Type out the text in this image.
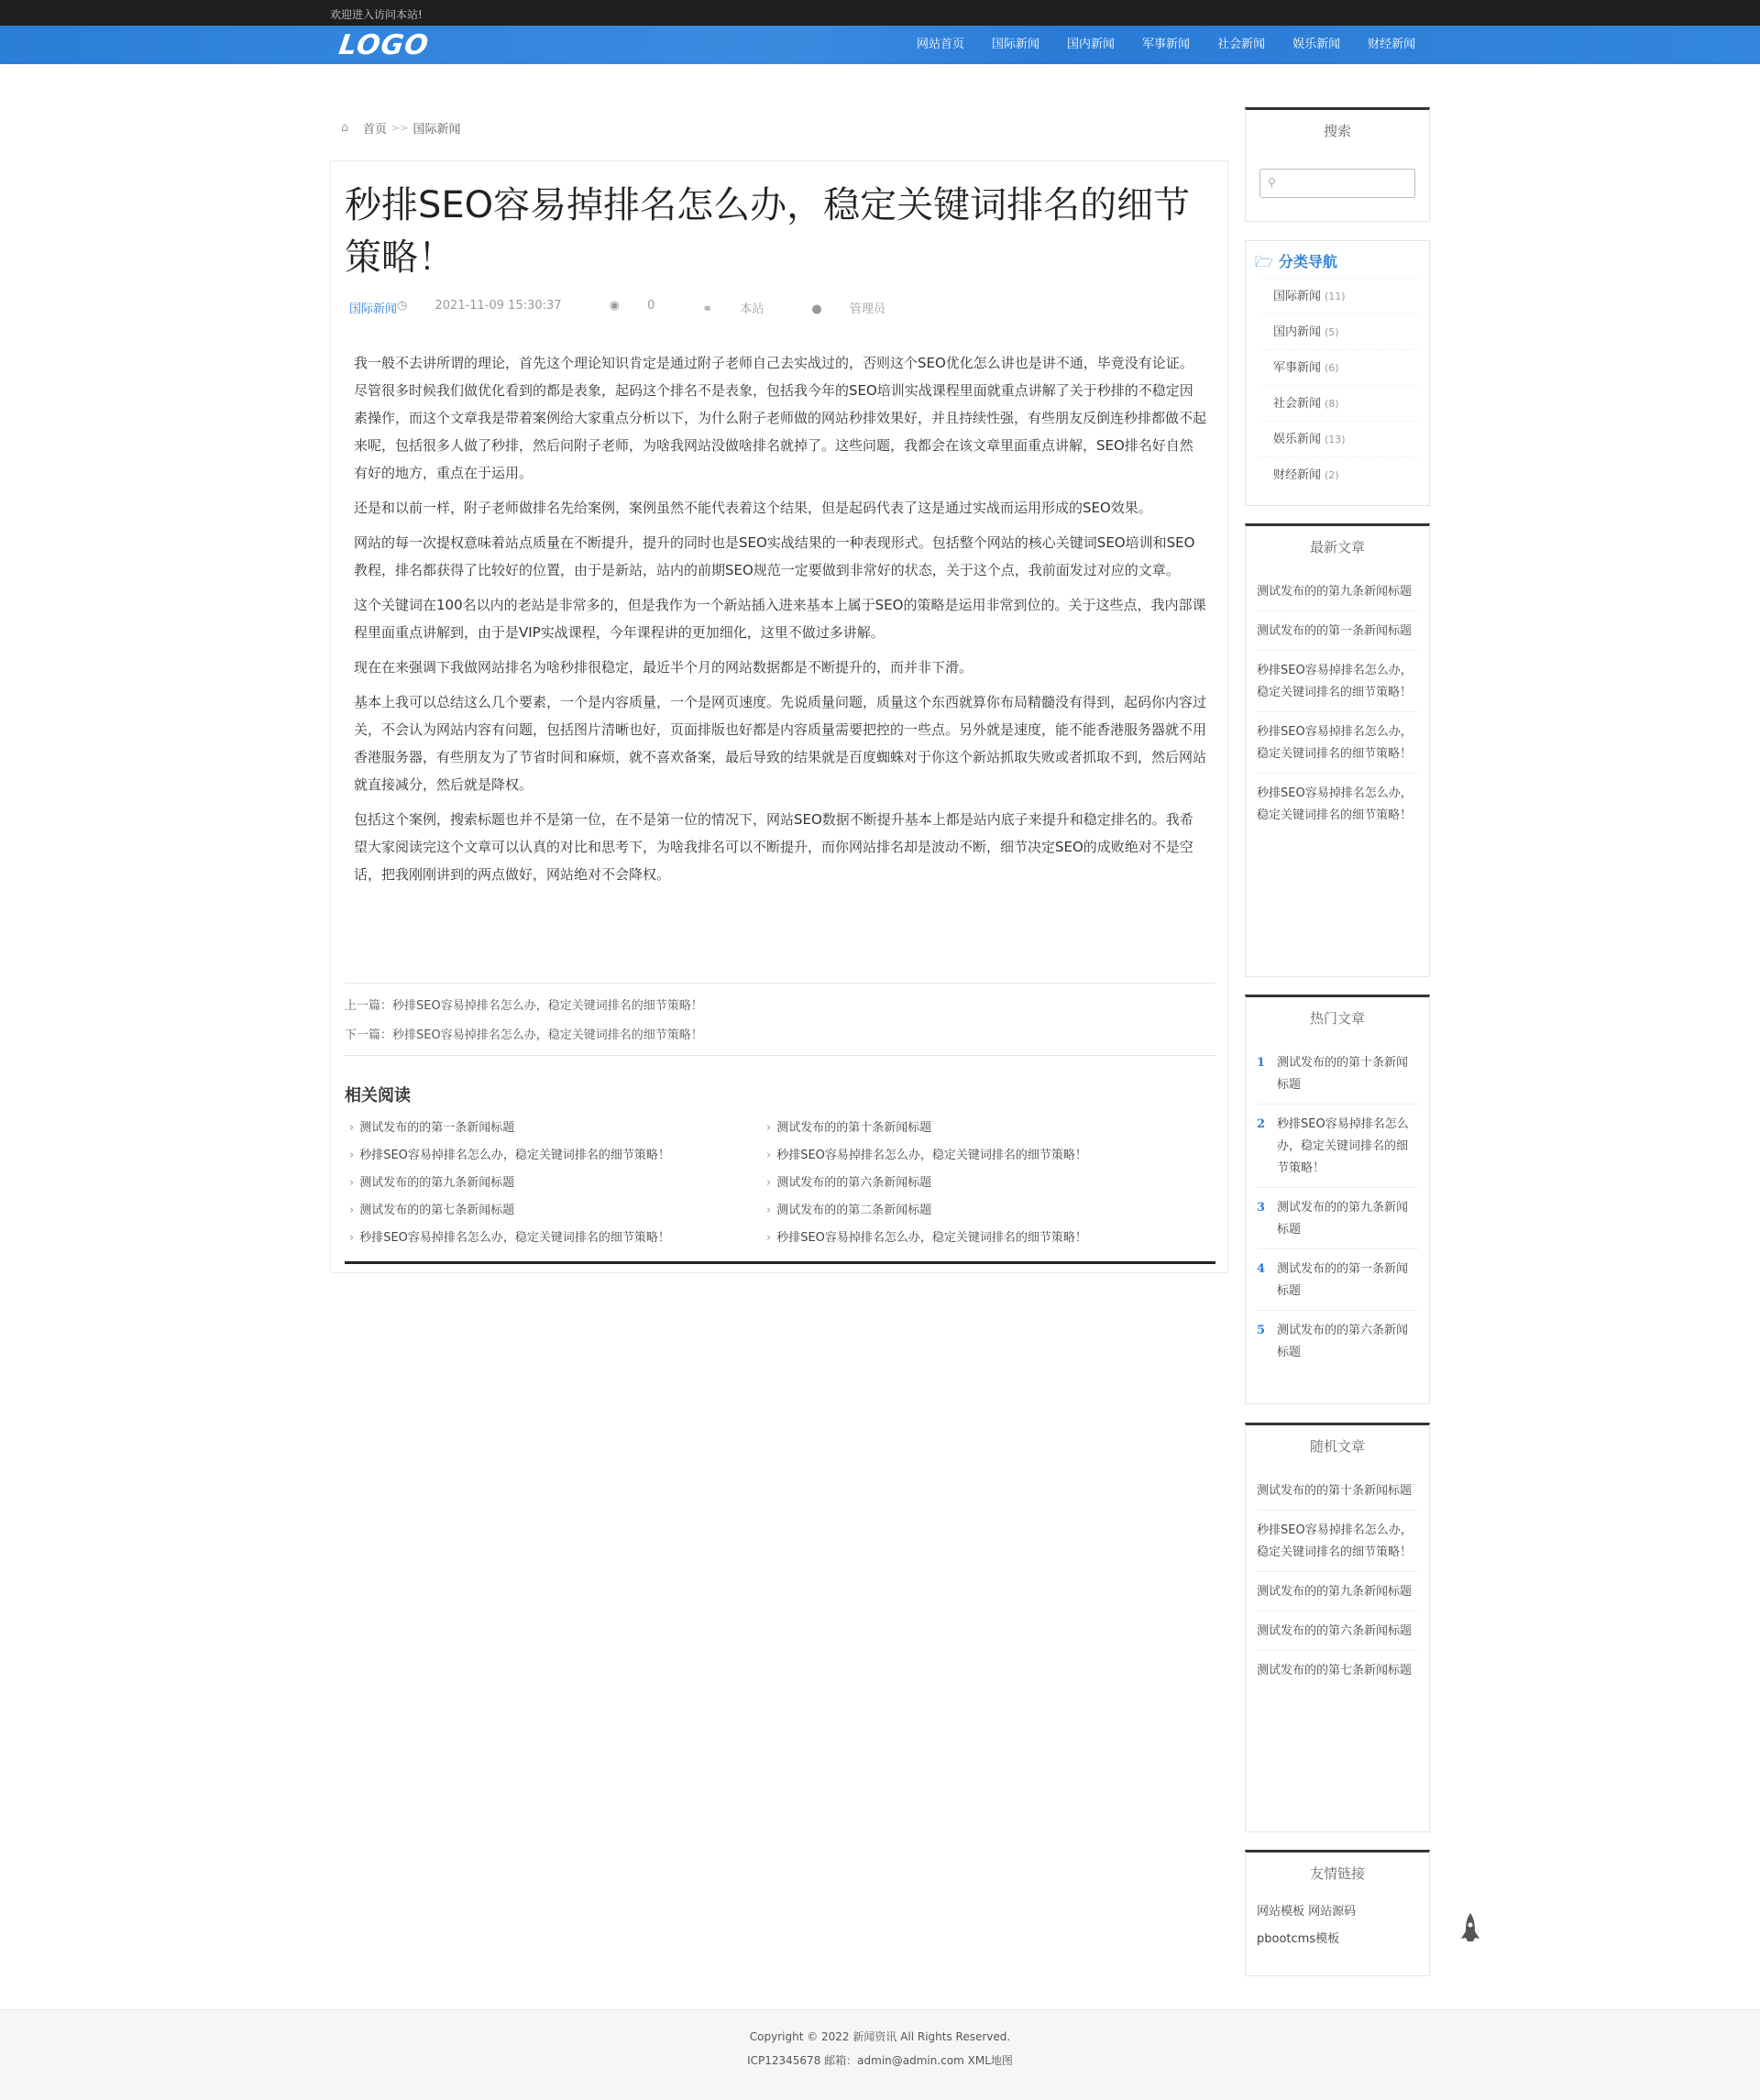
欢迎进入访问本站!
LOGO	网站首页	国际新闻	国内新闻	军事新闻	社会新闻	娱乐新闻	财经新闻
⌂	首页 >> 国际新闻
秒排SEO容易掉排名怎么办，稳定关键词排名的细节策略！
国际新闻 ◷ 2021-11-09 15:30:37	◉ 0	⚭ 本站	● 管理员

我一般不去讲所谓的理论，首先这个理论知识肯定是通过附子老师自己去实战过的，否则这个SEO优化怎么讲也是讲不通，毕竟没有论证。尽管很多时候我们做优化看到的都是表象，起码这个排名不是表象，包括我今年的SEO培训实战课程里面就重点讲解了关于秒排的不稳定因素操作，而这个文章我是带着案例给大家重点分析以下，为什么附子老师做的网站秒排效果好，并且持续性强，有些朋友反倒连秒排都做不起来呢，包括很多人做了秒排，然后问附子老师，为啥我网站没做啥排名就掉了。这些问题，我都会在该文章里面重点讲解，SEO排名好自然有好的地方，重点在于运用。

还是和以前一样，附子老师做排名先给案例，案例虽然不能代表着这个结果，但是起码代表了这是通过实战而运用形成的SEO效果。

网站的每一次提权意味着站点质量在不断提升，提升的同时也是SEO实战结果的一种表现形式。包括整个网站的核心关键词SEO培训和SEO教程，排名都获得了比较好的位置，由于是新站，站内的前期SEO规范一定要做到非常好的状态，关于这个点，我前面发过对应的文章。

这个关键词在100名以内的老站是非常多的，但是我作为一个新站插入进来基本上属于SEO的策略是运用非常到位的。关于这些点，我内部课程里面重点讲解到，由于是VIP实战课程，今年课程讲的更加细化，这里不做过多讲解。

现在在来强调下我做网站排名为啥秒排很稳定，最近半个月的网站数据都是不断提升的，而并非下滑。

基本上我可以总结这么几个要素，一个是内容质量，一个是网页速度。先说质量问题，质量这个东西就算你布局精髓没有得到，起码你内容过关，不会认为网站内容有问题，包括图片清晰也好，页面排版也好都是内容质量需要把控的一些点。另外就是速度，能不能香港服务器就不用香港服务器，有些朋友为了节省时间和麻烦，就不喜欢备案，最后导致的结果就是百度蜘蛛对于你这个新站抓取失败或者抓取不到，然后网站就直接减分，然后就是降权。

包括这个案例，搜索标题也并不是第一位，在不是第一位的情况下，网站SEO数据不断提升基本上都是站内底子来提升和稳定排名的。我希望大家阅读完这个文章可以认真的对比和思考下，为啥我排名可以不断提升，而你网站排名却是波动不断，细节决定SEO的成败绝对不是空话，把我刚刚讲到的两点做好，网站绝对不会降权。

上一篇：秒排SEO容易掉排名怎么办，稳定关键词排名的细节策略！
下一篇：秒排SEO容易掉排名怎么办，稳定关键词排名的细节策略！
相关阅读
› 测试发布的的第一条新闻标题	› 测试发布的的第十条新闻标题
› 秒排SEO容易掉排名怎么办，稳定关键词排名的细节策略！	› 秒排SEO容易掉排名怎么办，稳定关键词排名的细节策略！
› 测试发布的的第九条新闻标题	› 测试发布的的第六条新闻标题
› 测试发布的的第七条新闻标题	› 测试发布的的第二条新闻标题
› 秒排SEO容易掉排名怎么办，稳定关键词排名的细节策略！	› 秒排SEO容易掉排名怎么办，稳定关键词排名的细节策略！
搜索
⚲
🗁 分类导航
国际新闻 (11)
国内新闻 (5)
军事新闻 (6)
社会新闻 (8)
娱乐新闻 (13)
财经新闻 (2)
最新文章
测试发布的的第九条新闻标题
测试发布的的第一条新闻标题
秒排SEO容易掉排名怎么办，稳定关键词排名的细节策略！
秒排SEO容易掉排名怎么办，稳定关键词排名的细节策略！
秒排SEO容易掉排名怎么办，稳定关键词排名的细节策略！
热门文章
1 测试发布的的第十条新闻标题
2 秒排SEO容易掉排名怎么办，稳定关键词排名的细节策略！
3 测试发布的的第九条新闻标题
4 测试发布的的第一条新闻标题
5 测试发布的的第六条新闻标题
随机文章
测试发布的的第十条新闻标题
秒排SEO容易掉排名怎么办，稳定关键词排名的细节策略！
测试发布的的第九条新闻标题
测试发布的的第六条新闻标题
测试发布的的第七条新闻标题
友情链接
网站模板 网站源码
pbootcms模板
Copyright © 2022 新闻资讯 All Rights Reserved.
ICP12345678 邮箱：admin@admin.com XML地图
